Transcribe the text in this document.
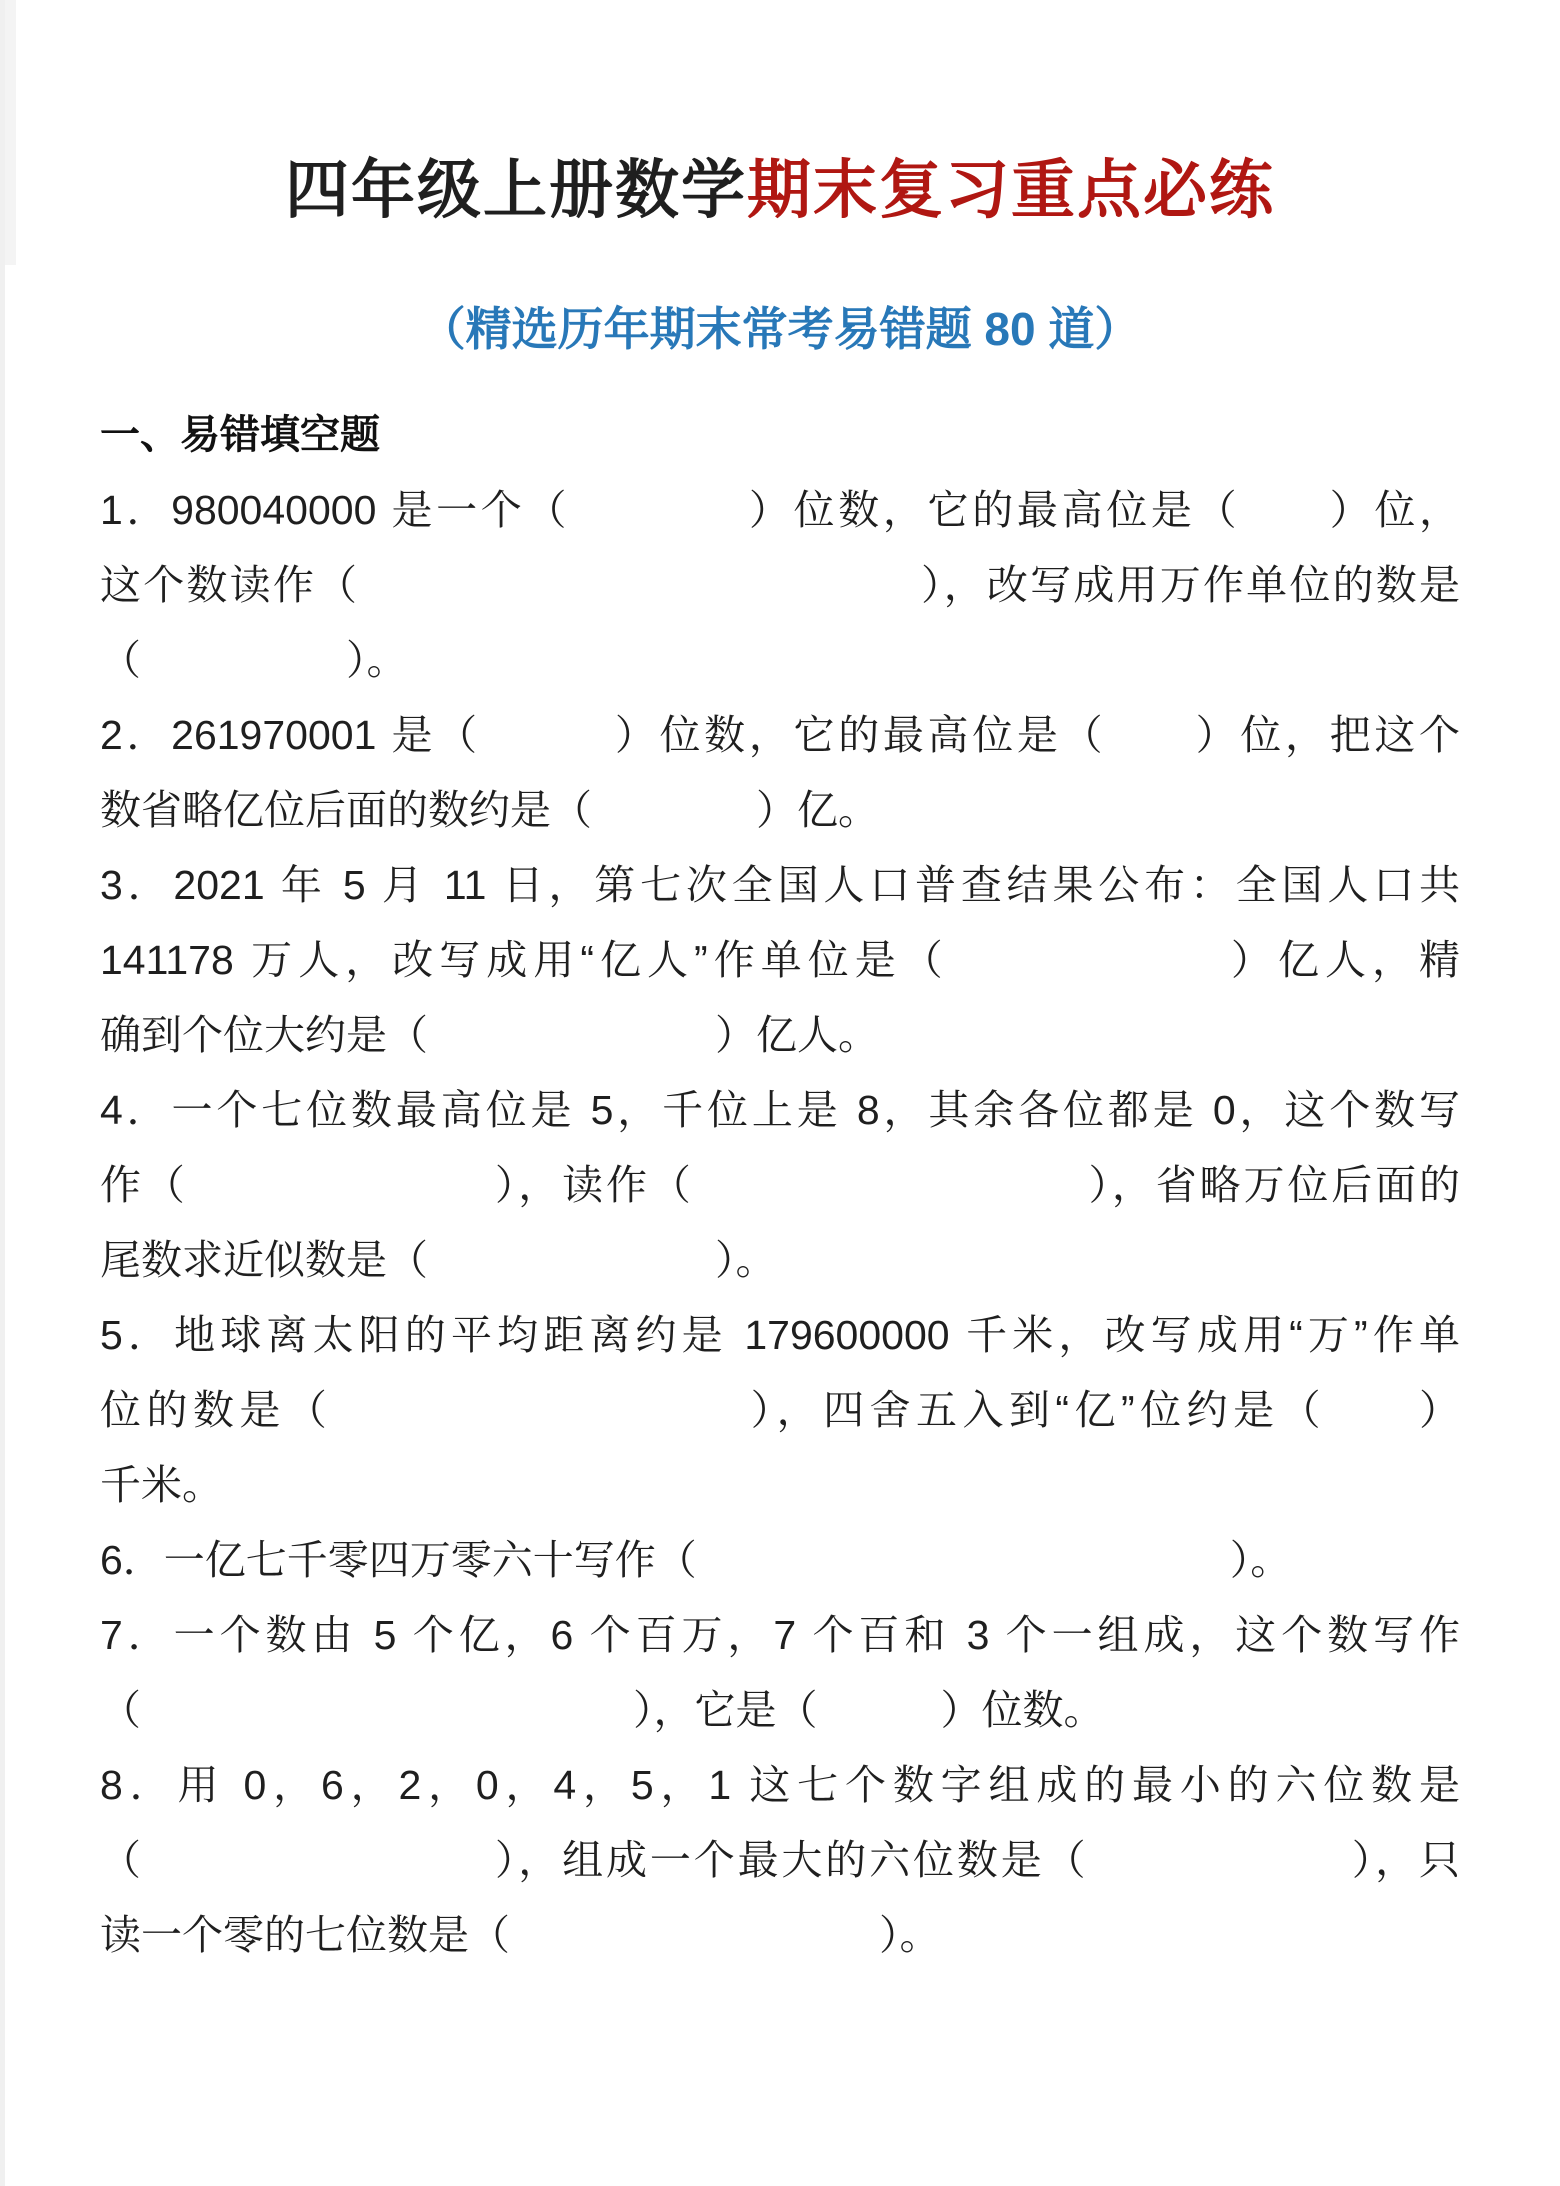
四年级上册数学期末复习重点必练
（精选历年期末常考易错题 80 道）
一、易错填空题
1．980040000 是一个（　　　　）位数，它的最高位是（　　）位，
这个数读作（　　　　　　　　　　　　　），改写成用万作单位的数是
（　　　　　）。
2．261970001 是（　　　）位数，它的最高位是（　　）位，把这个
数省略亿位后面的数约是（　　　　）亿。
3．2021 年 5 月 11 日，第七次全国人口普查结果公布：全国人口共
141178 万人，改写成用“亿人”作单位是（　　　　　　）亿人，精
确到个位大约是（　　　　　　　）亿人。
4．一个七位数最高位是 5，千位上是 8，其余各位都是 0，这个数写
作（　　　　　　　），读作（　　　　　　　　　），省略万位后面的
尾数求近似数是（　　　　　　　）。
5．地球离太阳的平均距离约是 179600000 千米，改写成用“万”作单
位的数是（　　　　　　　　　），四舍五入到“亿”位约是（　　）
千米。
6．一亿七千零四万零六十写作（　　　　　　　　　　　　　）。
7．一个数由 5 个亿，6 个百万，7 个百和 3 个一组成，这个数写作
（　　　　　　　　　　　　），它是（　　　）位数。
8．用 0，6，2，0，4，5，1 这七个数字组成的最小的六位数是
（　　　　　　　　），组成一个最大的六位数是（　　　　　　），只
读一个零的七位数是（　　　　　　　　　）。
